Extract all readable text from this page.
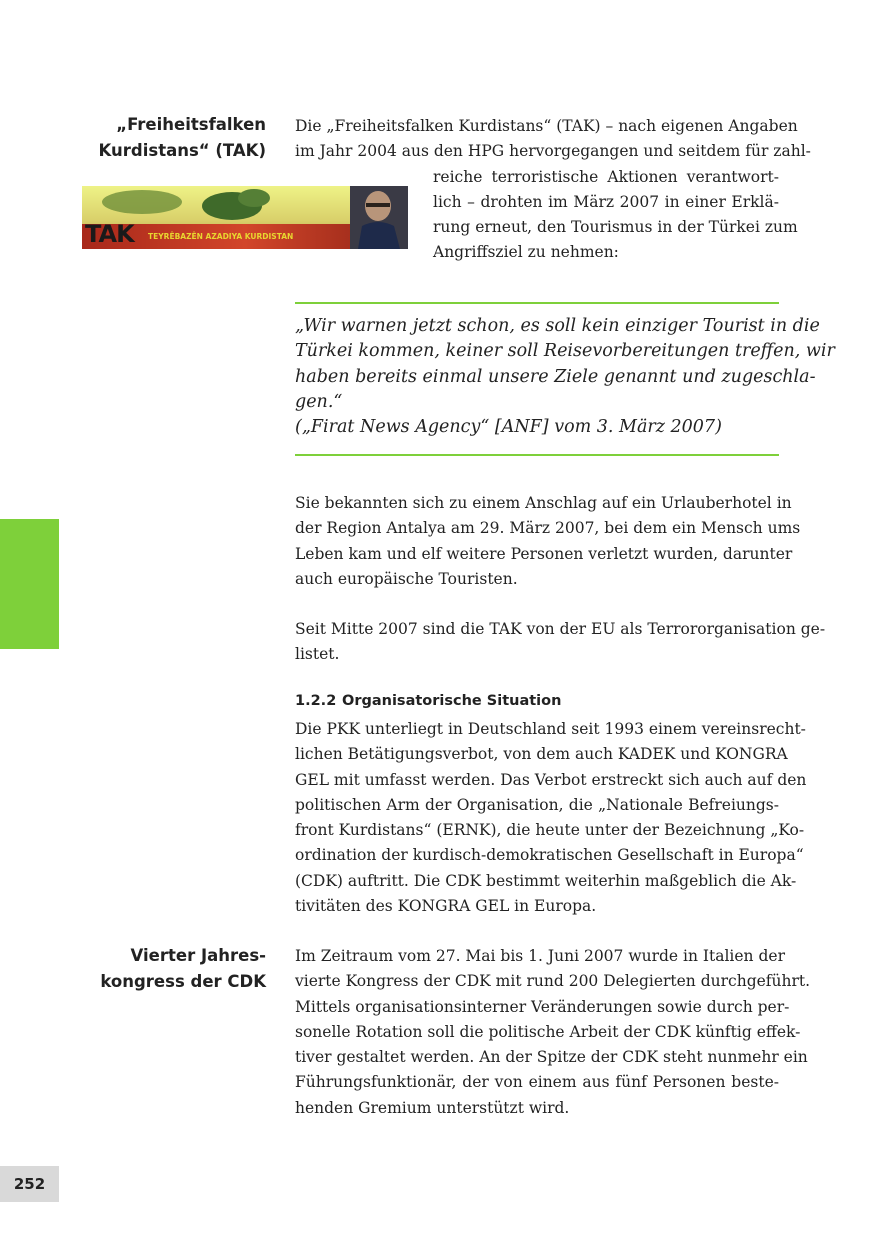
„Freiheitsfalken
Kurdistans“ (TAK)
Die „Freiheitsfalken Kurdistans“ (TAK) – nach eigenen Angaben
im Jahr 2004 aus den HPG hervorgegangen und seitdem für zahl-
reiche terroristische Aktionen verantwort-
lich – drohten im März 2007 in einer Erklä-
rung erneut, den Tourismus in der Türkei zum
Angriffsziel zu nehmen:
TAK TEYRÊBAZÊN AZADIYA KURDISTAN
„Wir warnen jetzt schon, es soll kein einziger Tourist in die
Türkei kommen, keiner soll Reisevorbereitungen treffen, wir
haben bereits einmal unsere Ziele genannt und zugeschla-
gen.“
(„Firat News Agency“ [ANF] vom 3. März 2007)
Sie bekannten sich zu einem Anschlag auf ein Urlauberhotel in
der Region Antalya am 29. März 2007, bei dem ein Mensch ums
Leben kam und elf weitere Personen verletzt wurden, darunter
auch europäische Touristen.
Seit Mitte 2007 sind die TAK von der EU als Terrororganisation ge-
listet.
1.2.2 Organisatorische Situation
Die PKK unterliegt in Deutschland seit 1993 einem vereinsrecht-
lichen Betätigungsverbot, von dem auch KADEK und KONGRA
GEL mit umfasst werden. Das Verbot erstreckt sich auch auf den
politischen Arm der Organisation, die „Nationale Befreiungs-
front Kurdistans“ (ERNK), die heute unter der Bezeichnung „Ko-
ordination der kurdisch-demokratischen Gesellschaft in Europa“
(CDK) auftritt. Die CDK bestimmt weiterhin maßgeblich die Ak-
tivitäten des KONGRA GEL in Europa.
Vierter Jahres-
kongress der CDK
Im Zeitraum vom 27. Mai bis 1. Juni 2007 wurde in Italien der
vierte Kongress der CDK mit rund 200 Delegierten durchgeführt.
Mittels organisationsinterner Veränderungen sowie durch per-
sonelle Rotation soll die politische Arbeit der CDK künftig effek-
tiver gestaltet werden. An der Spitze der CDK steht nunmehr ein
Führungsfunktionär, der von einem aus fünf Personen beste-
henden Gremium unterstützt wird.
252
